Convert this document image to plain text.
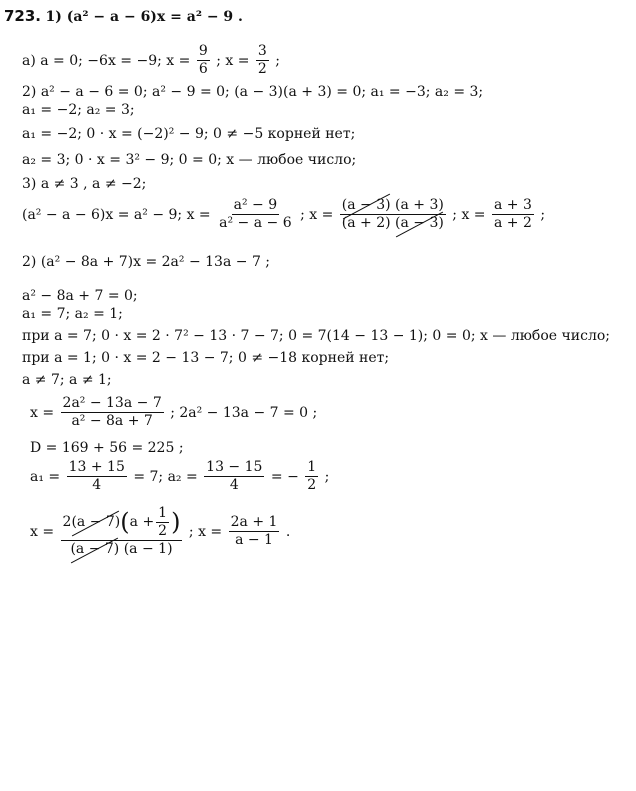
723. 1) (a² − a − 6)x = a² − 9 .
а) a = 0; −6x = −9; $x = \frac{9}{6}$ ; $x = \frac{3}{2}$ ;
2) a² − a − 6 = 0; a² − 9 = 0; (a − 3)(a + 3) = 0; a₁ = −3; a₂ = 3;
a₁ = −2; a₂ = 3;
a₁ = −2; 0 · x = (−2)² − 9; 0 ≠ −5 корней нет;
a₂ = 3; 0 · x = 3² − 9; 0 = 0; x — любое число;
3) a ≠ 3 , a ≠ −2;
(a² − a − 6)x = a² − 9; $x = \frac{\text{a² − 9}}{\text{a² − a − 6}}$ ; $x = \frac{(a - 3) (a + 3)}{(a + 2) (a - 3)}$ ; $x = \frac{a + 3}{a + 2}$ ;
2) (a² − 8a + 7)x = 2a² − 13a − 7 ;
a² − 8a + 7 = 0;
a₁ = 7; a₂ = 1;
при a = 7; 0 · x = 2 · 7² − 13 · 7 − 7; 0 = 7(14 − 13 − 1); 0 = 0; x — любое число;
при a = 1; 0 · x = 2 − 13 − 7; 0 ≠ −18 корней нет;
a ≠ 7; a ≠ 1;
$x = \frac{\text{2a² − 13a − 7}}{\text{a² − 8a + 7}}$ ; 2a² − 13a − 7 = 0 ;
D = 169 + 56 = 225 ;
$a_1 = \frac{13 + 15}{4} = 7$; $a_2 = \frac{13 - 15}{4}$ = − $\frac{1}{2}$ ;
$x = \frac{2 (a - 7) ( a + \frac{1}{2} )}{(a - 7) (a - 1)}$ ; $x = \frac{2a + 1}{a - 1}$ .
